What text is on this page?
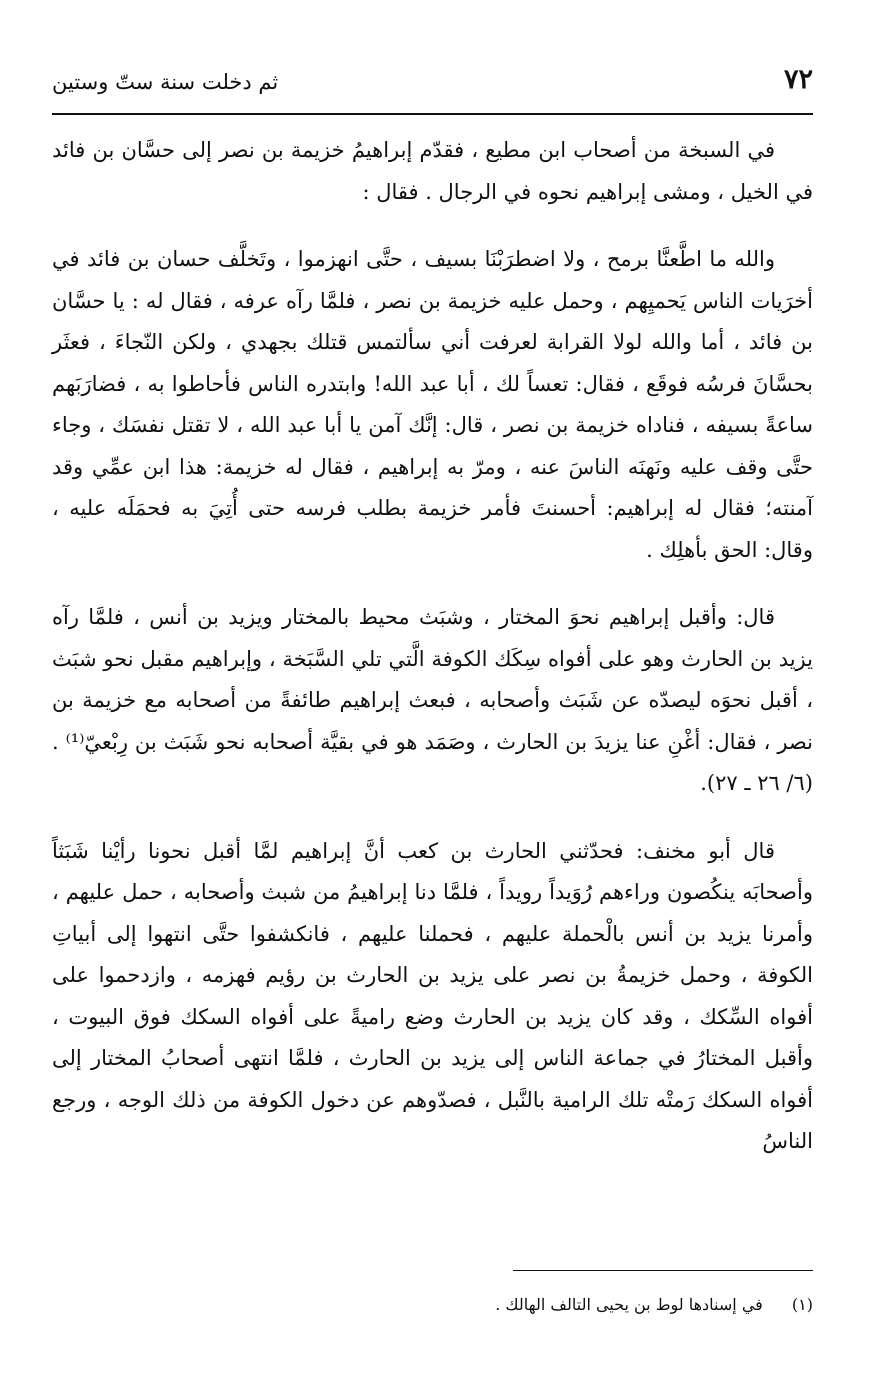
٧٢
ثم دخلت سنة ستّ وستين

في السبخة من أصحاب ابن مطيع ، فقدّم إبراهيمُ خزيمة بن نصر إلى حسَّان بن فائد في الخيل ، ومشى إبراهيم نحوه في الرجال . فقال :

والله ما اطَّعنَّا برمح ، ولا اضطرَبْنَا بسيف ، حتَّى انهزموا ، وتَخلَّف حسان بن فائد في أخرَيات الناس يَحميِهم ، وحمل عليه خزيمة بن نصر ، فلمَّا رآه عرفه ، فقال له : يا حسَّان بن فائد ، أما والله لولا القرابة لعرفت أني سألتمس قتلك بجهدي ، ولكن النّجاءَ ، فعثَر بحسَّانَ فرسُه فوقَع ، فقال: تعساً لك ، أبا عبد الله! وابتدره الناس فأحاطوا به ، فضارَبَهم ساعةً بسيفه ، فناداه خزيمة بن نصر ، قال: إنَّك آمن يا أبا عبد الله ، لا تقتل نفسَك ، وجاء حتَّى وقف عليه ونَهنَه الناسَ عنه ، ومرّ به إبراهيم ، فقال له خزيمة: هذا ابن عمِّي وقد آمنته؛ فقال له إبراهيم: أحسنتَ فأمر خزيمة بطلب فرسه حتى أُتِيَ به فحمَلَه عليه ، وقال: الحق بأهلِك .

قال: وأقبل إبراهيم نحوَ المختار ، وشبَث محيط بالمختار ويزيد بن أنس ، فلمَّا رآه يزيد بن الحارث وهو على أفواه سِكَك الكوفة الَّتي تلي السَّبَخة ، وإبراهيم مقبل نحو شبَث ، أقبل نحوَه ليصدّه عن شَبَث وأصحابه ، فبعث إبراهيم طائفةً من أصحابه مع خزيمة بن نصر ، فقال: أغْنِ عنا يزيدَ بن الحارث ، وصَمَد هو في بقيَّة أصحابه نحو شَبَث بن رِبْعيّ⁽¹⁾ . (٦/ ٢٦ ـ ٢٧).

قال أبو مخنف: فحدّثني الحارث بن كعب أنَّ إبراهيم لمَّا أقبل نحونا رأيْنا شَبَثاً وأصحابَه ينكُصون وراءهم رُوَيداً رويداً ، فلمَّا دنا إبراهيمُ من شبث وأصحابه ، حمل عليهم ، وأمرنا يزيد بن أنس بالْحملة عليهم ، فحملنا عليهم ، فانكشفوا حتَّى انتهوا إلى أبياتِ الكوفة ، وحمل خزيمةُ بن نصر على يزيد بن الحارث بن رؤيم فهزمه ، وازدحموا على أفواه السِّكك ، وقد كان يزيد بن الحارث وضع راميةً على أفواه السكك فوق البيوت ، وأقبل المختارُ في جماعة الناس إلى يزيد بن الحارث ، فلمَّا انتهى أصحابُ المختار إلى أفواه السكك رَمتْه تلك الرامية بالنَّبل ، فصدّوهم عن دخول الكوفة من ذلك الوجه ، ورجع الناسُ

(١) في إسنادها لوط بن يحيى التالف الهالك .
